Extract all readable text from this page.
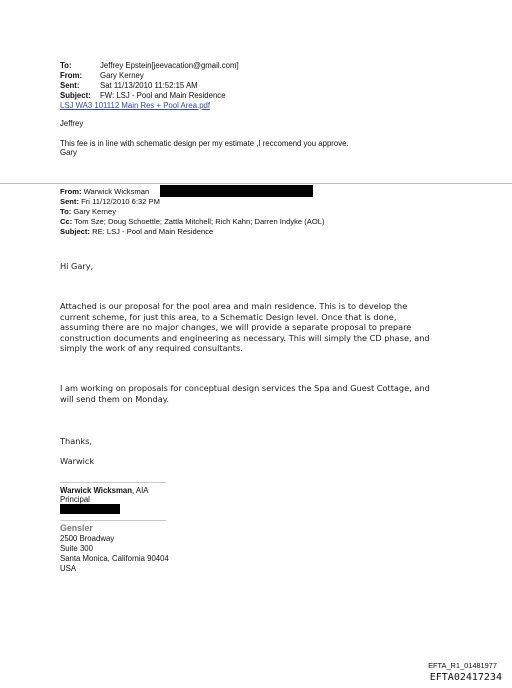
To:	Jeffrey Epstein[jeevacation@gmail.com]
From: Gary Kerney
Sent:	Sat 11/13/2010 11:52:15 AM
Subject: FW: LSJ - Pool and Main Residence
LSJ WA3 101112 Main Res + Pool Area.pdf
Jeffrey
This fee is in line with schematic design per my estimate ,I reccomend you approve.
Gary
From: Warwick Wicksman
Sent: Fri 11/12/2010 6:32 PM
To: Gary Kerney
Cc: Tom Sze; Doug Schoettle; Zattla Mitchell; Rich Kahn; Darren Indyke (AOL)
Subject: RE: LSJ - Pool and Main Residence
Hi Gary,
Attached is our proposal for the pool area and main residence. This is to develop the
current scheme, for just this area, to a Schematic Design level. Once that is done,
assuming there are no major changes, we will provide a separate proposal to prepare
construction documents and engineering as necessary. This will simply the CD phase, and
simply the work of any required consultants.
I am working on proposals for conceptual design services the Spa and Guest Cottage, and
will send them on Monday.
Thanks,
Warwick
Warwick Wicksman, AIA
Principal
Gensler
2500 Broadway
Suite 300
Santa Monica, California 90404
USA
EFTA_R1_01481977
EFTA02417234
